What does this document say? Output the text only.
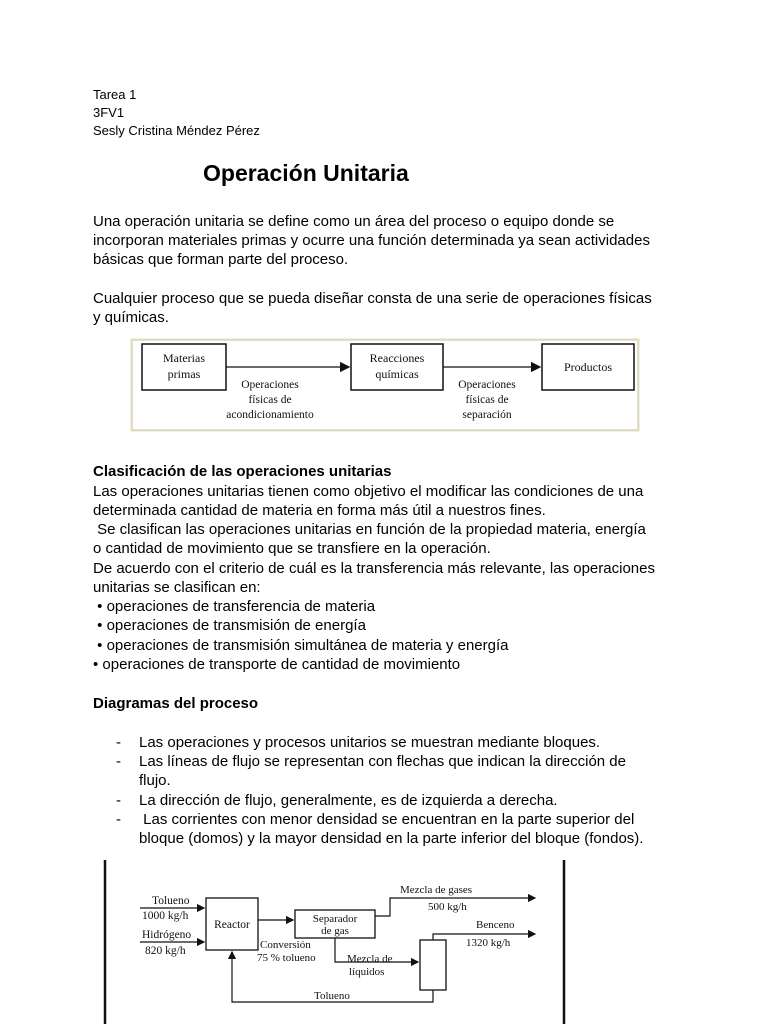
Tarea 1
3FV1
Sesly Cristina Méndez Pérez
Operación Unitaria
Una operación unitaria se define como un área del proceso o equipo donde se
incorporan materiales primas y ocurre una función determinada ya sean actividades
básicas que forman parte del proceso.
Cualquier proceso que se pueda diseñar consta de una serie de operaciones físicas
y químicas.
Materias
primas
Reacciones
químicas	Productos
Operaciones
físicas de
acondicionamiento
Operaciones
físicas de
separación
Clasificación de las operaciones unitarias
Las operaciones unitarias tienen como objetivo el modificar las condiciones de una
determinada cantidad de materia en forma más útil a nuestros fines.
Se clasifican las operaciones unitarias en función de la propiedad materia, energía
o cantidad de movimiento que se transfiere en la operación.
De acuerdo con el criterio de cuál es la transferencia más relevante, las operaciones
unitarias se clasifican en:
• operaciones de transferencia de materia
• operaciones de transmisión de energía
• operaciones de transmisión simultánea de materia y energía
• operaciones de transporte de cantidad de movimiento
Diagramas del proceso
- Las operaciones y procesos unitarios se muestran mediante bloques.
- Las líneas de flujo se representan con flechas que indican la dirección de
flujo.
- La dirección de flujo, generalmente, es de izquierda a derecha.
- Las corrientes con menor densidad se encuentran en la parte superior del
bloque (domos) y la mayor densidad en la parte inferior del bloque (fondos).
Tolueno
1000 kg/h
Hidrógeno
820 kg/h
Reactor	Separador
de gas
Mezcla de gases
500 kg/h
Conversión
75 % tolueno	Mezcla de
líquidos
Benceno
1320 kg/h
Tolueno
